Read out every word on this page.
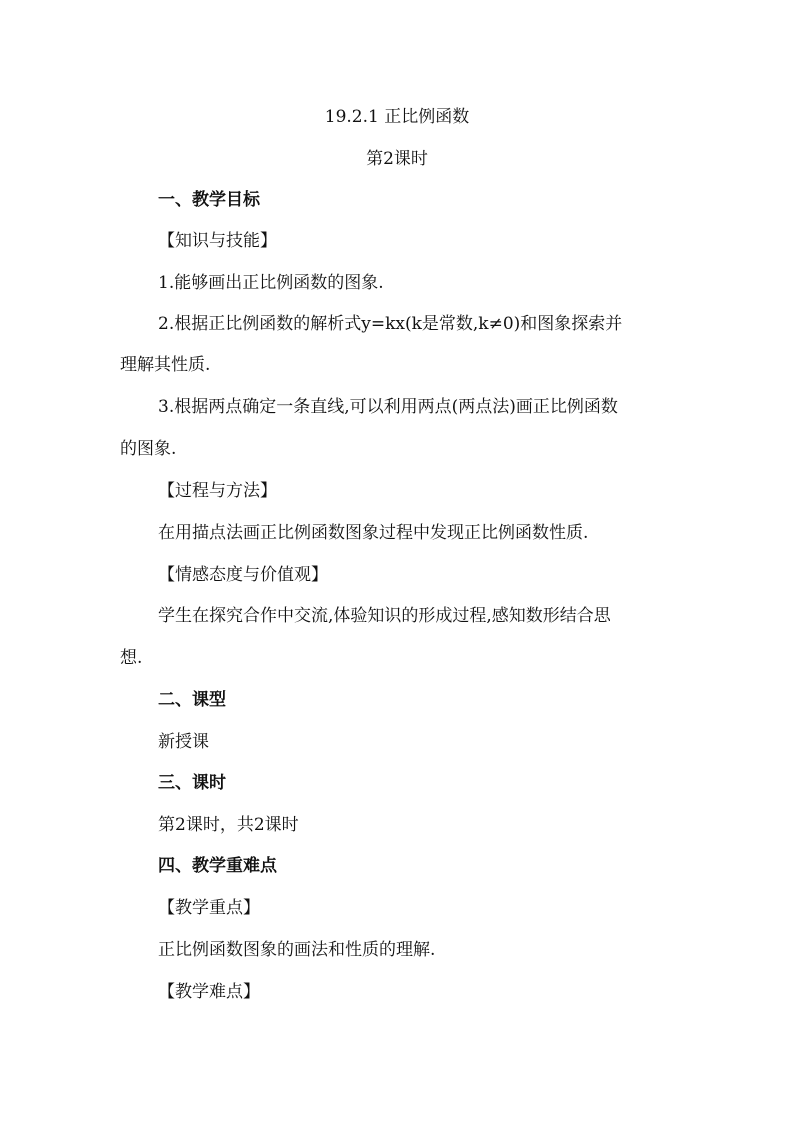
19.2.1 正比例函数
第2课时
一、教学目标
【知识与技能】
1.能够画出正比例函数的图象.
2.根据正比例函数的解析式y=kx(k是常数,k≠0)和图象探索并
理解其性质.
3.根据两点确定一条直线,可以利用两点(两点法)画正比例函数
的图象.
【过程与方法】
在用描点法画正比例函数图象过程中发现正比例函数性质.
【情感态度与价值观】
学生在探究合作中交流,体验知识的形成过程,感知数形结合思
想.
二、课型
新授课
三、课时
第2课时，共2课时
四、教学重难点
【教学重点】
正比例函数图象的画法和性质的理解.
【教学难点】
